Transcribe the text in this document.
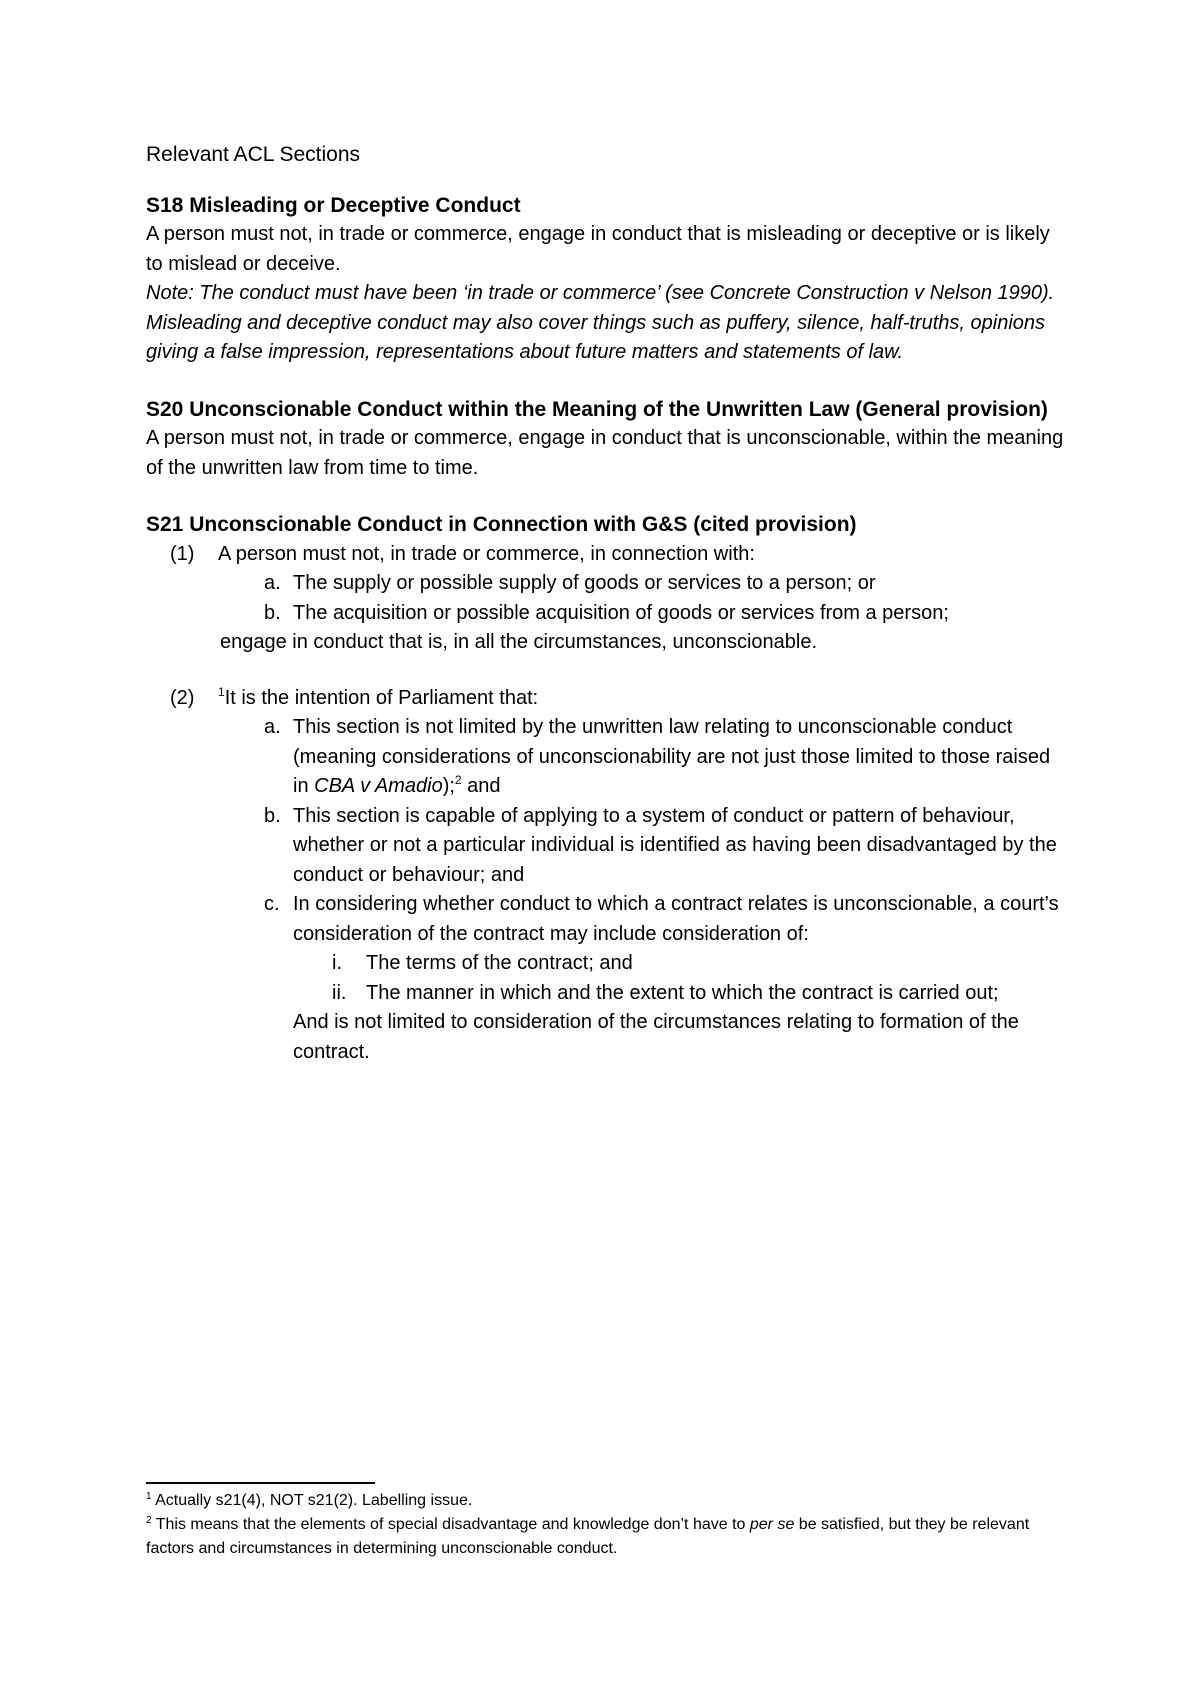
Relevant ACL Sections

S18 Misleading or Deceptive Conduct

A person must not, in trade or commerce, engage in conduct that is misleading or deceptive or is likely to mislead or deceive.

Note: The conduct must have been ‘in trade or commerce’ (see Concrete Construction v Nelson 1990). Misleading and deceptive conduct may also cover things such as puffery, silence, half-truths, opinions giving a false impression, representations about future matters and statements of law.

S20 Unconscionable Conduct within the Meaning of the Unwritten Law (General provision)

A person must not, in trade or commerce, engage in conduct that is unconscionable, within the meaning of the unwritten law from time to time.

S21 Unconscionable Conduct in Connection with G&S (cited provision)
(1) A person must not, in trade or commerce, in connection with:
a. The supply or possible supply of goods or services to a person; or
b. The acquisition or possible acquisition of goods or services from a person;

engage in conduct that is, in all the circumstances, unconscionable.

(2) $^1$It is the intention of Parliament that:
a. This section is not limited by the unwritten law relating to unconscionable conduct (meaning considerations of unconscionability are not just those limited to those raised in CBA v Amadio);$^2$ and
b. This section is capable of applying to a system of conduct or pattern of behaviour, whether or not a particular individual is identified as having been disadvantaged by the conduct or behaviour; and
c. In considering whether conduct to which a contract relates is unconscionable, a court’s consideration of the contract may include consideration of:
i. The terms of the contract; and
ii. The manner in which and the extent to which the contract is carried out;

And is not limited to consideration of the circumstances relating to formation of the contract.

$^1$ Actually s21(4), NOT s21(2). Labelling issue.

$^2$ This means that the elements of special disadvantage and knowledge don’t have to per se be satisfied, but they be relevant factors and circumstances in determining unconscionable conduct.
